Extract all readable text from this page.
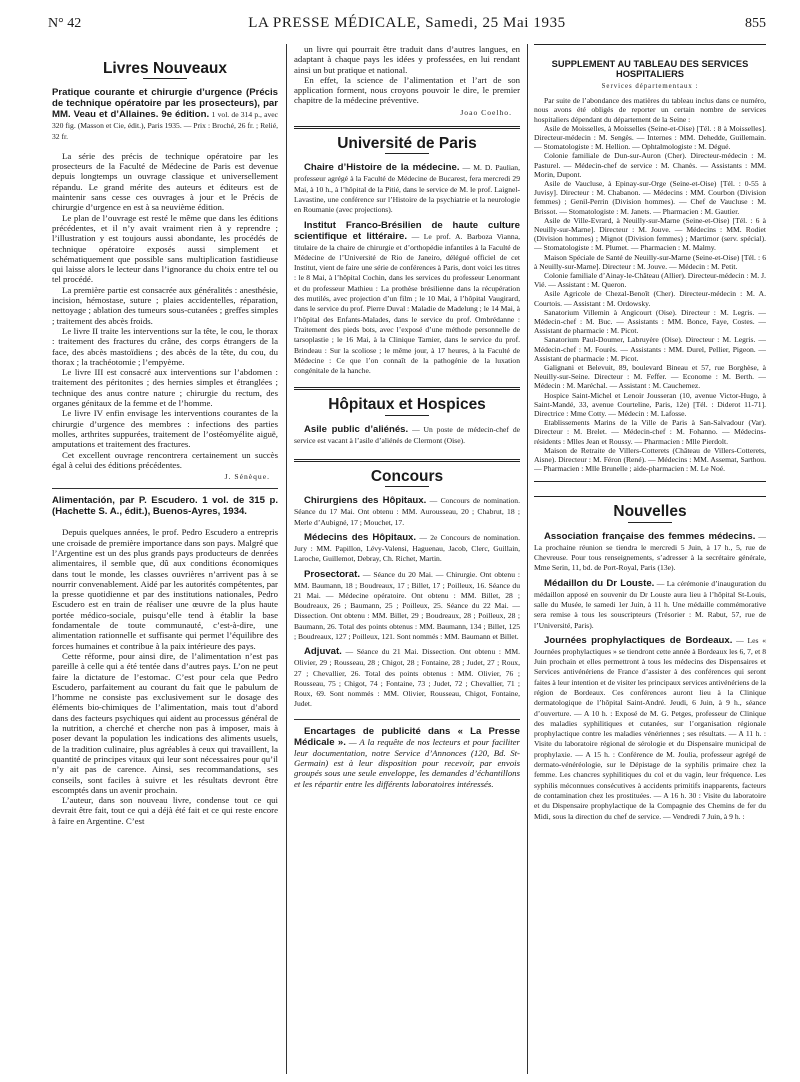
N° 42	LA PRESSE MÉDICALE, Samedi, 25 Mai 1935	855
Livres Nouveaux
Pratique courante et chirurgie d’urgence (Précis de technique opératoire par les prosecteurs), par MM. Veau et d’Allaines. 9e édition. 1 vol. de 314 p., avec 320 fig. (Masson et Cie, édit.), Paris 1935. — Prix : Broché, 26 fr. ; Relié, 32 fr.

La série des précis de technique opératoire par les prosecteurs de la Faculté de Médecine de Paris est devenue depuis longtemps un ouvrage classique et universellement répandu. Le grand mérite des auteurs et éditeurs est de maintenir sans cesse ces ouvrages à jour et le Précis de chirurgie d’urgence en est à sa neuvième édition.

Le plan de l’ouvrage est resté le même que dans les éditions précédentes, et il n’y avait vraiment rien à y reprendre ; l’illustration y est toujours aussi abondante, les procédés de technique opératoire exposés aussi simplement et schématiquement que possible sans multiplication fastidieuse qui laisse alors le lecteur dans l’ignorance du choix entre tel ou tel procédé.

La première partie est consacrée aux généralités : anesthésie, incision, hémostase, suture ; plaies accidentelles, réparation, nettoyage ; ablation des tumeurs sous-cutanées ; greffes simples ; traitement des abcès froids.

Le livre II traite les interventions sur la tête, le cou, le thorax : traitement des fractures du crâne, des corps étrangers de la face, des abcès mastoïdiens ; des abcès de la tête, du cou, du thorax ; la trachéotomie ; l’empyème.

Le livre III est consacré aux interventions sur l’abdomen : traitement des péritonites ; des hernies simples et étranglées ; technique des anus contre nature ; chirurgie du rectum, des organes génitaux de la femme et de l’homme.

Le livre IV enfin envisage les interventions courantes de la chirurgie d’urgence des membres : infections des parties molles, arthrites suppurées, traitement de l’ostéomyélite aiguë, amputations et traitement des fractures.

Cet excellent ouvrage rencontrera certainement un succès égal à celui des éditions précédentes.

J. Sénèque.
Alimentación, par P. Escudero. 1 vol. de 315 p. (Hachette S. A., édit.), Buenos-Ayres, 1934.

Depuis quelques années, le prof. Pedro Escudero a entrepris une croisade de première importance dans son pays. Malgré que l’Argentine est un des plus grands pays producteurs de denrées alimentaires, il semble que, dû aux conditions économiques dans tout le monde, les classes ouvrières n’arrivent pas à se nourrir convenablement. Aidé par les autorités compétentes, par la presse quotidienne et par des institutions nationales, Pedro Escudero est en train de réaliser une œuvre de la plus haute portée médico-sociale, puisqu’elle tend à établir la base fondamentale de toute communauté, c’est-à-dire, une alimentation rationnelle et suffisante qui permet l’équilibre des forces humaines et contribue à la paix intérieure des pays.

Cette réforme, pour ainsi dire, de l’alimentation n’est pas pareille à celle qui a été tentée dans d’autres pays. L’on ne peut faire la dictature de l’estomac. C’est pour cela que Pedro Escudero, parfaitement au courant du fait que le pabulum de l’homme ne consiste pas exclusivement sur le dosage des éléments bio-chimiques de l’alimentation, mais tout d’abord dans des facteurs psychiques qui aident au processus général de la nutrition, a cherché et cherche non pas à imposer, mais à poser devant la population les indications des aliments usuels, de la tradition culinaire, plus agréables à ceux qui travaillent, la quantité de principes vitaux qui leur sont nécessaires pour qu’il n’y ait pas de carence. Ainsi, ses recommandations, ses conseils, sont faciles à suivre et les résultats devront être escomptés dans un avenir prochain.

L’auteur, dans son nouveau livre, condense tout ce qui devrait être fait, tout ce qui a déjà été fait et ce qui reste encore à faire en Argentine. C’est

un livre qui pourrait être traduit dans d’autres langues, en adaptant à chaque pays les idées y professées, en lui rendant ainsi un but pratique et national.

En effet, la science de l’alimentation et l’art de son application forment, nous croyons pouvoir le dire, le premier chapitre de la médecine préventive.

Joao Coelho.
Université de Paris
Chaire d’Histoire de la médecine. — M. D. Paulian, professeur agrégé à la Faculté de Médecine de Bucarest, fera mercredi 29 Mai, à 10 h., à l’hôpital de la Pitié, dans le service de M. le prof. Laignel-Lavastine, une conférence sur l’Histoire de la psychiatrie et la neurologie en Roumanie (avec projections).
Institut Franco-Brésilien de haute culture scientifique et littéraire. — Le prof. A. Barboza Vianna, titulaire de la chaire de chirurgie et d’orthopédie infantiles à la Faculté de Médecine de l’Université de Rio de Janeiro, délégué officiel de cet Institut, vient de faire une série de conférences à Paris, dont voici les titres : le 8 Mai, à l’hôpital Cochin, dans les services du professeur Lenormant et du professeur Mathieu : La prothèse brésilienne dans la récupération des mutilés, avec projection d’un film ; le 10 Mai, à l’hôpital Vaugirard, dans le service du prof. Pierre Duval : Maladie de Madelung ; le 14 Mai, à l’hôpital des Enfants-Malades, dans le service du prof. Ombrédanne : Traitement des pieds bots, avec l’exposé d’une méthode personnelle de tarsoplastie ; le 16 Mai, à la Clinique Tarnier, dans le service du prof. Brindeau : Sur la scoliose ; le même jour, à 17 heures, à la Faculté de Médecine : Ce que l’on connaît de la pathogénie de la luxation congénitale de la hanche.
Hôpitaux et Hospices
Asile public d’aliénés. — Un poste de médecin-chef de service est vacant à l’asile d’aliénés de Clermont (Oise).
Concours
Chirurgiens des Hôpitaux. — Concours de nomination. Séance du 17 Mai. Ont obtenu : MM. Aurousseau, 20 ; Chabrut, 18 ; Merle d’Aubigné, 17 ; Mouchet, 17.
Médecins des Hôpitaux. — 2e Concours de nomination. Jury : MM. Papillon, Lévy-Valensi, Haguenau, Jacob, Clerc, Guillain, Laroche, Guillemot, Debray, Ch. Richet, Martin.
Prosectorat. — Séance du 20 Mai. — Chirurgie. Ont obtenu : MM. Baumann, 18 ; Boudreaux, 17 ; Billet, 17 ; Poilleux, 16. Séance du 21 Mai. — Médecine opératoire. Ont obtenu : MM. Billet, 28 ; Boudreaux, 26 ; Baumann, 25 ; Poilleux, 25. Séance du 22 Mai. — Dissection. Ont obtenu : MM. Billet, 29 ; Boudreaux, 28 ; Poilleux, 28 ; Baumann, 26. Total des points obtenus : MM. Baumann, 134 ; Billet, 125 ; Boudreaux, 127 ; Poilleux, 121. Sont nommés : MM. Baumann et Billet.
Adjuvat. — Séance du 21 Mai. Dissection. Ont obtenu : MM. Olivier, 29 ; Rousseau, 28 ; Chigot, 28 ; Fontaine, 28 ; Judet, 27 ; Roux, 27 ; Chevallier, 26. Total des points obtenus : MM. Olivier, 76 ; Rousseau, 75 ; Chigot, 74 ; Fontaine, 73 ; Judet, 72 ; Chevallier, 71 ; Roux, 69. Sont nommés : MM. Olivier, Rousseau, Chigot, Fontaine, Judet.
Encartages de publicité dans « La Presse Médicale ». — A la requête de nos lecteurs et pour faciliter leur documentation, notre Service d’Annonces (120, Bd. St-Germain) est à leur disposition pour recevoir, par envois groupés sous une seule enveloppe, les demandes d’échantillons et les répartir entre les différents laboratoires intéressés.
SUPPLEMENT AU TABLEAU DES SERVICES HOSPITALIERS
Services départementaux :

Par suite de l’abondance des matières du tableau inclus dans ce numéro, nous avons été obligés de reporter un certain nombre de services hospitaliers dépendant du département de la Seine :

Asile de Moisselles, à Moisselles (Seine-et-Oise) [Tél. : 8 à Moisselles]. Directeur-médecin : M. Sengès. — Internes : MM. Dehedde, Guillemain. — Stomatologiste : M. Hellion. — Ophtalmologiste : M. Dégué.

Colonie familiale de Dun-sur-Auron (Cher). Directeur-médecin : M. Pasturel. — Médecin-chef de service : M. Chanès. — Assistants : MM. Morin, Dupont.

Asile de Vaucluse, à Epinay-sur-Orge (Seine-et-Oise) [Tél. : 0-55 à Juvisy]. Directeur : M. Chabanon. — Médecins : MM. Courbon (Division femmes) ; Genil-Perrin (Division hommes). — Chef de Vaucluse : M. Brissot. — Stomatologiste : M. Janets. — Pharmacien : M. Gautier.

Asile de Ville-Evrard, à Neuilly-sur-Marne (Seine-et-Oise) [Tél. : 6 à Neuilly-sur-Marne]. Directeur : M. Jouve. — Médecins : MM. Rodiet (Division hommes) ; Mignot (Division femmes) ; Martimor (serv. spécial). — Stomatologiste : M. Plumet. — Pharmacien : M. Malmy.

Maison Spéciale de Santé de Neuilly-sur-Marne (Seine-et-Oise) [Tél. : 6 à Neuilly-sur-Marne]. Directeur : M. Jouve. — Médecin : M. Petit.

Colonie familiale d’Ainay-le-Château (Allier). Directeur-médecin : M. J. Vié. — Assistant : M. Queron.

Asile Agricole de Chezal-Benoît (Cher). Directeur-médecin : M. A. Courtois. — Assistant : M. Ordowsky.

Sanatorium Villemin à Angicourt (Oise). Directeur : M. Legris. — Médecin-chef : M. Buc. — Assistants : MM. Bonce, Faye, Costes. — Assistant de pharmacie : M. Picot.

Sanatorium Paul-Doumer, Labruyère (Oise). Directeur : M. Legris. — Médecin-chef : M. Fourès. — Assistants : MM. Durel, Pellier, Pigeon. — Assistant de pharmacie : M. Picot.

Galignani et Belevuit, 89, boulevard Bineau et 57, rue Borghèse, à Neuilly-sur-Seine. Directeur : M. Feffer. — Econome : M. Berth. — Médecin : M. Maréchal. — Assistant : M. Cauchemez.

Hospice Saint-Michel et Lenoir Jousseran (10, avenue Victor-Hugo, à Saint-Mandé, 33, avenue Courteline, Paris, 12e) [Tél. : Diderot 11-71]. Directrice : Mme Cotty. — Médecin : M. Lafosse.

Etablissements Marins de la Ville de Paris à San-Salvadour (Var). Directeur : M. Brelet. — Médecin-chef : M. Fohanno. — Médecins-résidents : Mlles Jean et Roussy. — Pharmacien : Mlle Pierdolt.

Maison de Retraite de Villers-Cotterets (Château de Villers-Cotterets, Aisne). Directeur : M. Féron (René). — Médecins : MM. Assemat, Sarthou. — Pharmacien : Mlle Brunelle ; aide-pharmacien : M. Le Noé.

Nouvelles
Association française des femmes médecins. — La prochaine réunion se tiendra le mercredi 5 Juin, à 17 h., 5, rue de Chevreuse. Pour tous renseignements, s’adresser à la secrétaire générale, Mme Serin, 11, bd. de Port-Royal, Paris (13e).
Médaillon du Dr Louste. — La cérémonie d’inauguration du médaillon apposé en souvenir du Dr Louste aura lieu à l’hôpital St-Louis, salle du Musée, le samedi 1er Juin, à 11 h. Une médaille commémorative sera remise à tous les souscripteurs (Trésorier : M. Rabut, 57, rue de l’Université, Paris).
Journées prophylactiques de Bordeaux. — Les « Journées prophylactiques » se tiendront cette année à Bordeaux les 6, 7, et 8 Juin prochain et elles permettront à tous les médecins des Dispensaires et Services antivénériens de France d’assister à des conférences qui seront faites à leur intention et de visiter les principaux services antivénériens de la région de Bordeaux. Ces conférences auront lieu à la Clinique dermatologique de l’hôpital Saint-André. Jeudi, 6 Juin, à 9 h., séance d’ouverture. — A 10 h. : Exposé de M. G. Petges, professeur de Clinique des maladies syphilitiques et cutanées, sur l’organisation régionale prophylactique contre les maladies vénériennes ; ses résultats. — A 11 h. : Visite du laboratoire régional de sérologie et du Dispensaire municipal de prophylaxie. — A 15 h. : Conférence de M. Joulia, professeur agrégé de dermato-vénéréologie, sur le Dépistage de la syphilis primaire chez la femme. Les chancres syphilitiques du col et du vagin, leur fréquence. Les syphilis méconnues consécutives à accidents primitifs inapparents, facteurs de contamination chez les prostituées. — A 16 h. 30 : Visite du laboratoire et du Dispensaire prophylactique de la Compagnie des Chemins de fer du Midi, sous la direction du chef de service. — Vendredi 7 Juin, à 9 h. :
